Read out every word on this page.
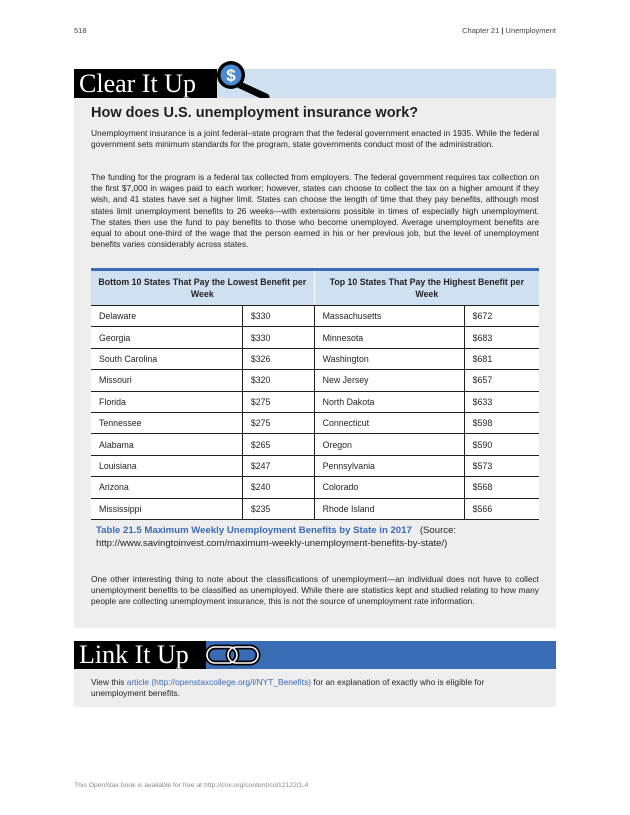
518	Chapter 21 | Unemployment
Clear It Up $
How does U.S. unemployment insurance work?

Unemployment insurance is a joint federal–state program that the federal government enacted in 1935. While the federal government sets minimum standards for the program, state governments conduct most of the administration.

The funding for the program is a federal tax collected from employers. The federal government requires tax collection on the first $7,000 in wages paid to each worker; however, states can choose to collect the tax on a higher amount if they wish, and 41 states have set a higher limit. States can choose the length of time that they pay benefits, although most states limit unemployment benefits to 26 weeks—with extensions possible in times of especially high unemployment. The states then use the fund to pay benefits to those who become unemployed. Average unemployment benefits are equal to about one-third of the wage that the person earned in his or her previous job, but the level of unemployment benefits varies considerably across states.

Bottom 10 States That Pay the Lowest Benefit per Week		Top 10 States That Pay the Highest Benefit per Week	
Delaware	$330	Massachusetts	$672
Georgia	$330	Minnesota	$683
South Carolina	$326	Washington	$681
Missouri	$320	New Jersey	$657
Florida	$275	North Dakota	$633
Tennessee	$275	Connecticut	$598
Alabama	$265	Oregon	$590
Louisiana	$247	Pennsylvania	$573
Arizona	$240	Colorado	$568
Mississippi	$235	Rhode Island	$566
Table 21.5 Maximum Weekly Unemployment Benefits by State in 2017 (Source: http://www.savingtoinvest.com/maximum-weekly-unemployment-benefits-by-state/)

One other interesting thing to note about the classifications of unemployment—an individual does not have to collect unemployment benefits to be classified as unemployed. While there are statistics kept and studied relating to how many people are collecting unemployment insurance, this is not the source of unemployment rate information.

Link It Up

View this article (http://openstaxcollege.org/l/NYT_Benefits) for an explanation of exactly who is eligible for unemployment benefits.

This OpenStax book is available for free at http://cnx.org/content/col12122/1.4
